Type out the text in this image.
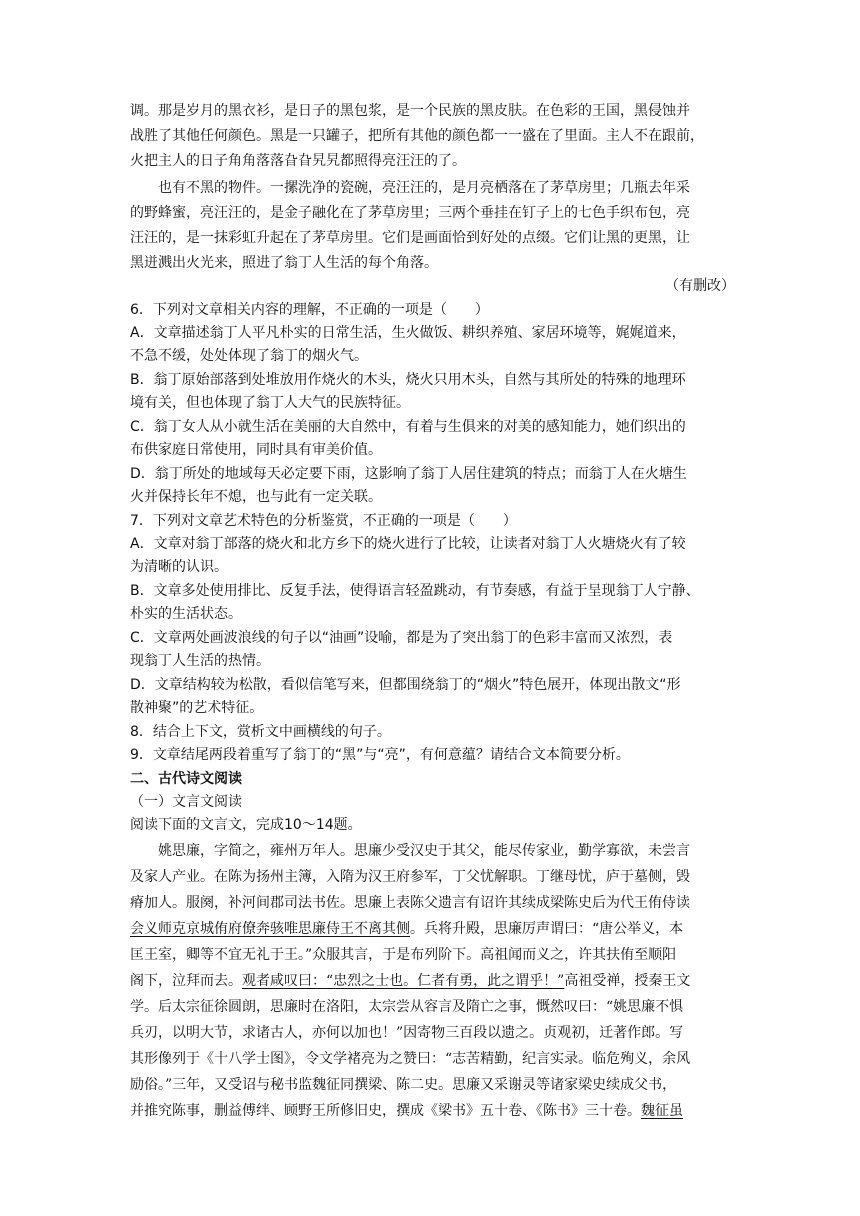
调。那是岁月的黑衣衫，是日子的黑包浆，是一个民族的黑皮肤。在色彩的王国，黑侵蚀并
战胜了其他任何颜色。黑是一只罐子，把所有其他的颜色都一一盛在了里面。主人不在跟前，
火把主人的日子角角落落旮旮旯旯都照得亮汪汪的了。
也有不黑的物件。一摞洗净的瓷碗，亮汪汪的，是月亮栖落在了茅草房里；几瓶去年采
的野蜂蜜，亮汪汪的，是金子融化在了茅草房里；三两个垂挂在钉子上的七色手织布包，亮
汪汪的，是一抹彩虹升起在了茅草房里。它们是画面恰到好处的点缀。它们让黑的更黑，让
黑迸溅出火光来，照进了翁丁人生活的每个角落。
（有删改）
6．下列对文章相关内容的理解，不正确的一项是（　　）
A．文章描述翁丁人平凡朴实的日常生活，生火做饭、耕织养殖、家居环境等，娓娓道来，
不急不缓，处处体现了翁丁的烟火气。
B．翁丁原始部落到处堆放用作烧火的木头，烧火只用木头，自然与其所处的特殊的地理环
境有关，但也体现了翁丁人大气的民族特征。
C．翁丁女人从小就生活在美丽的大自然中，有着与生俱来的对美的感知能力，她们织出的
布供家庭日常使用，同时具有审美价值。
D．翁丁所处的地域每天必定要下雨，这影响了翁丁人居住建筑的特点；而翁丁人在火塘生
火并保持长年不熄，也与此有一定关联。
7．下列对文章艺术特色的分析鉴赏，不正确的一项是（　　）
A．文章对翁丁部落的烧火和北方乡下的烧火进行了比较，让读者对翁丁人火塘烧火有了较
为清晰的认识。
B．文章多处使用排比、反复手法，使得语言轻盈跳动，有节奏感，有益于呈现翁丁人宁静、
朴实的生活状态。
C．文章两处画波浪线的句子以“油画”设喻，都是为了突出翁丁的色彩丰富而又浓烈，表
现翁丁人生活的热情。
D．文章结构较为松散，看似信笔写来，但都围绕翁丁的“烟火”特色展开，体现出散文“形
散神聚”的艺术特征。
8．结合上下文，赏析文中画横线的句子。
9．文章结尾两段着重写了翁丁的“黑”与“亮”，有何意蕴？请结合文本简要分析。
二、古代诗文阅读
（一）文言文阅读
阅读下面的文言文，完成10～14题。
姚思廉，字简之，雍州万年人。思廉少受汉史于其父，能尽传家业，勤学寡欲，未尝言
及家人产业。在陈为扬州主簿，入隋为汉王府参军，丁父忧解职。丁继母忧，庐于墓侧，毁
瘠加人。服阕，补河间郡司法书佐。思廉上表陈父遗言有诏许其续成梁陈史后为代王侑侍读
会义师克京城侑府僚奔骇唯思廉侍王不离其侧。兵将升殿，思廉厉声谓曰：“唐公举义，本
匡王室，卿等不宜无礼于王。”众服其言，于是布列阶下。高祖闻而义之，许其扶侑至顺阳
阁下，泣拜而去。观者咸叹曰：“忠烈之士也。仁者有勇，此之谓乎！”高祖受禅，授秦王文
学。后太宗征徐圆朗，思廉时在洛阳，太宗尝从容言及隋亡之事，慨然叹曰：“姚思廉不惧
兵刃，以明大节，求诸古人，亦何以加也！”因寄物三百段以遗之。贞观初，迁著作郎。写
其形像列于《十八学士图》，令文学褚亮为之赞曰：“志苦精勤，纪言实录。临危殉义，余风
励俗。”三年，又受诏与秘书监魏征同撰梁、陈二史。思廉又采谢灵等诸家梁史续成父书，
并推究陈事，删益傅绊、顾野王所修旧史，撰成《梁书》五十卷、《陈书》三十卷。魏征虽
